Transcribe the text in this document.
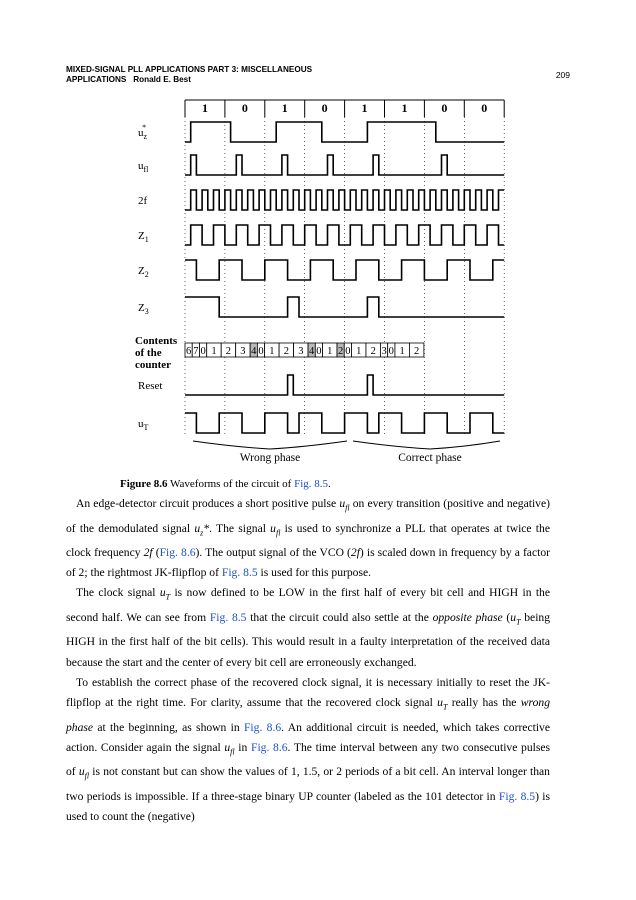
MIXED-SIGNAL PLL APPLICATIONS PART 3: MISCELLANEOUS
APPLICATIONS Ronald E. Best	209
1	0	1	0	1	1	0	0
$u_z*$
$u_{fl}$
2f
$Z_1$
$Z_2$
$Z_3$
Reset
$u_T$
Contents
of the
counter
6 7 0 1 2 3 4 0 1 2 3 4 0 1 2 0 1 2 3 0 1 2
Wrong phase	Correct phase
Figure 8.6 Waveforms of the circuit of Fig. 8.5.

An edge-detector circuit produces a short positive pulse $u_{fl}$ on every transition (positive and negative) of the demodulated signal $u_z*$. The signal $u_{fl}$ is used to synchronize a PLL that operates at twice the clock frequency 2f (Fig. 8.6). The output signal of the VCO (2f) is scaled down in frequency by a factor of 2; the rightmost JK-flipflop of Fig. 8.5 is used for this purpose.

The clock signal $u_T$ is now defined to be LOW in the first half of every bit cell and HIGH in the second half. We can see from Fig. 8.5 that the circuit could also settle at the opposite phase ($u_T$ being HIGH in the first half of the bit cells). This would result in a faulty interpretation of the received data because the start and the center of every bit cell are erroneously exchanged.

To establish the correct phase of the recovered clock signal, it is necessary initially to reset the JK-flipflop at the right time. For clarity, assume that the recovered clock signal $u_T$ really has the wrong phase at the beginning, as shown in Fig. 8.6. An additional circuit is needed, which takes corrective action. Consider again the signal $u_{fl}$ in Fig. 8.6. The time interval between any two consecutive pulses of $u_{fl}$ is not constant but can show the values of 1, 1.5, or 2 periods of a bit cell. An interval longer than two periods is impossible. If a three-stage binary UP counter (labeled as the 101 detector in Fig. 8.5) is used to count the (negative)
